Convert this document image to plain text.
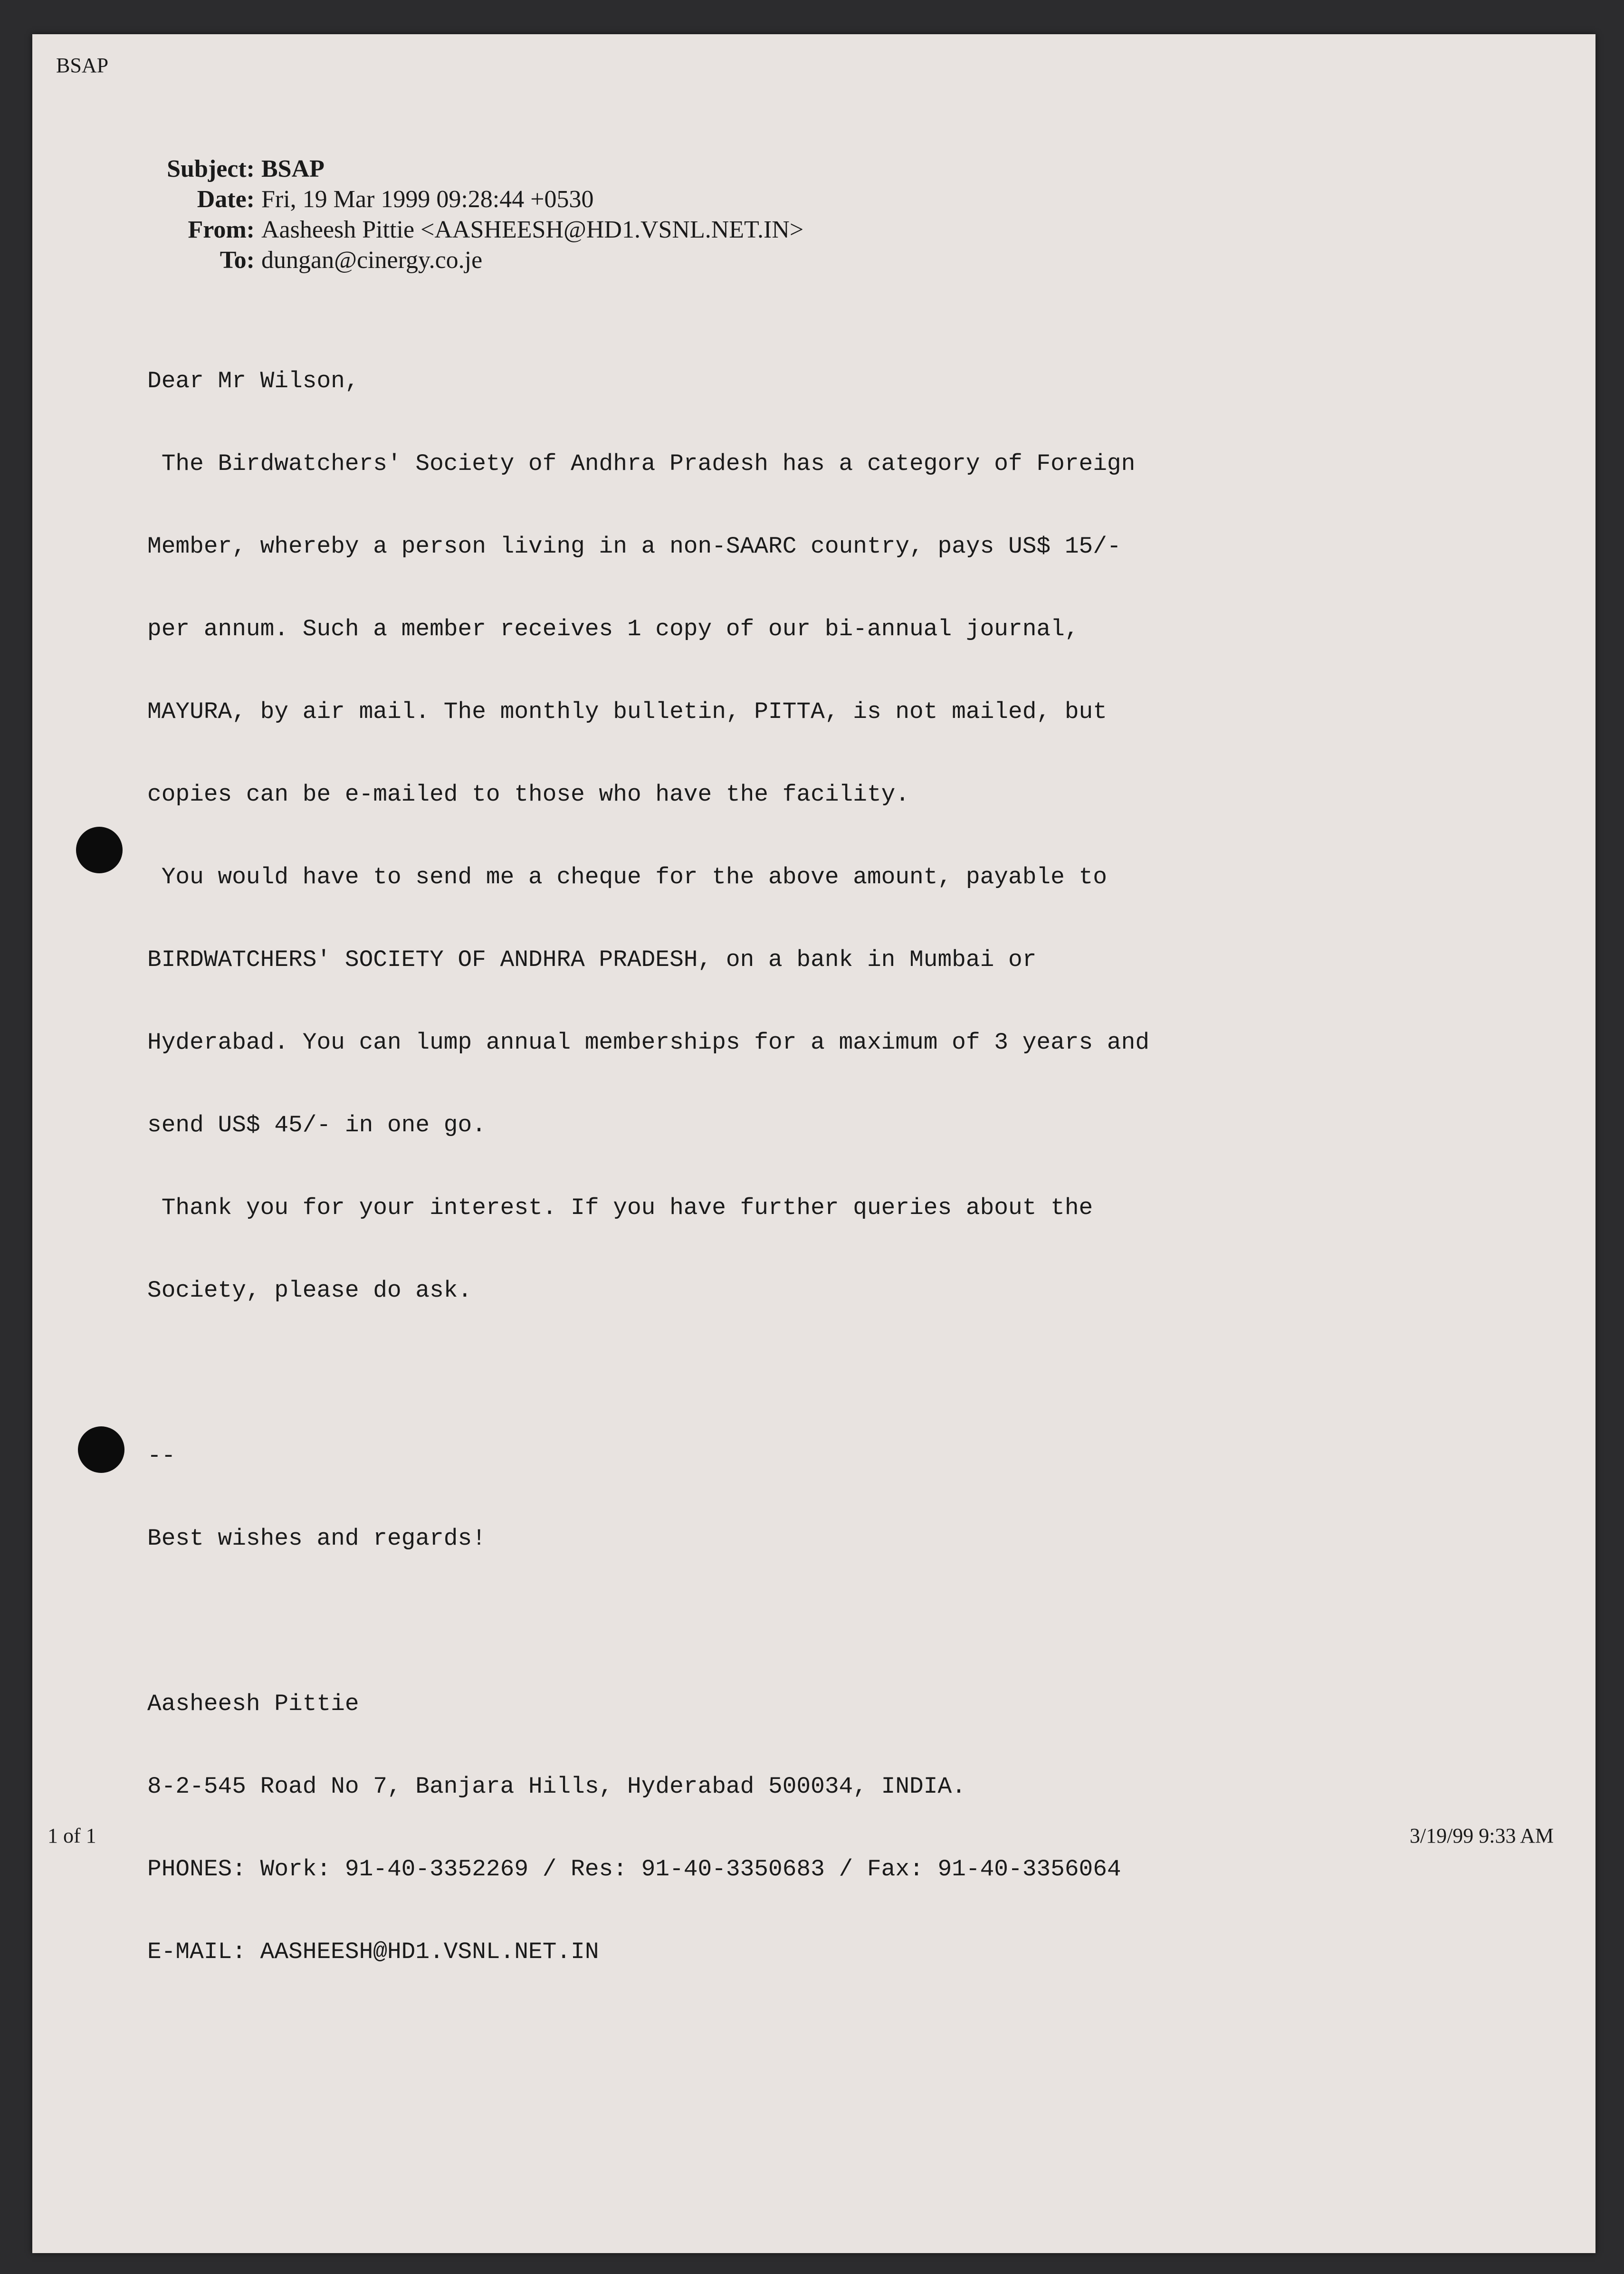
BSAP
Subject: BSAP
Date: Fri, 19 Mar 1999 09:28:44 +0530
From: Aasheesh Pittie <AASHEESH@HD1.VSNL.NET.IN>
To: dungan@cinergy.co.je

Dear Mr Wilson,

The Birdwatchers' Society of Andhra Pradesh has a category of Foreign

Member, whereby a person living in a non-SAARC country, pays US$ 15/-

per annum. Such a member receives 1 copy of our bi-annual journal,

MAYURA, by air mail. The monthly bulletin, PITTA, is not mailed, but

copies can be e-mailed to those who have the facility.

You would have to send me a cheque for the above amount, payable to

BIRDWATCHERS' SOCIETY OF ANDHRA PRADESH, on a bank in Mumbai or

Hyderabad. You can lump annual memberships for a maximum of 3 years and

send US$ 45/- in one go.

Thank you for your interest. If you have further queries about the

Society, please do ask.

--

Best wishes and regards!

Aasheesh Pittie

8-2-545 Road No 7, Banjara Hills, Hyderabad 500034, INDIA.

PHONES: Work: 91-40-3352269 / Res: 91-40-3350683 / Fax: 91-40-3356064

E-MAIL: AASHEESH@HD1.VSNL.NET.IN

1 of 1	3/19/99 9:33 AM
